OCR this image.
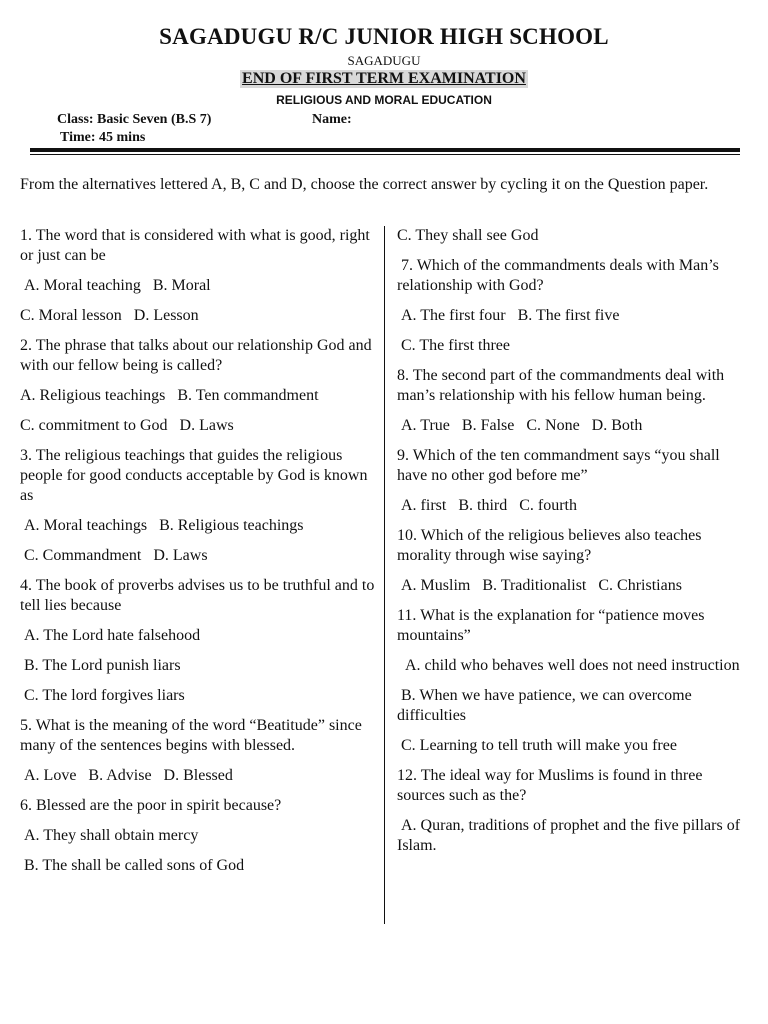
SAGADUGU R/C JUNIOR HIGH SCHOOL
SAGADUGU
END OF FIRST TERM EXAMINATION
RELIGIOUS AND MORAL EDUCATION
Class: Basic Seven (B.S 7)	Name:
Time: 45 mins
From the alternatives lettered A, B, C and D, choose the correct answer by cycling it on the Question paper.

1. The word that is considered with what is good, right or just can be

A. Moral teaching   B. Moral

C. Moral lesson   D. Lesson

2. The phrase that talks about our relationship God and with our fellow being is called?

A. Religious teachings   B. Ten commandment

C. commitment to God   D. Laws

3. The religious teachings that guides the religious people for good conducts acceptable by God is known as

A. Moral teachings   B. Religious teachings

C. Commandment   D. Laws

4. The book of proverbs advises us to be truthful and to tell lies because

A. The Lord hate falsehood

B. The Lord punish liars

C. The lord forgives liars

5. What is the meaning of the word “Beatitude” since many of the sentences begins with blessed.

A. Love   B. Advise   D. Blessed

6. Blessed are the poor in spirit because?

A. They shall obtain mercy

B. The shall be called sons of God

C. They shall see God

7. Which of the commandments deals with Man’s relationship with God?

A. The first four   B. The first five

C. The first three

8. The second part of the commandments deal with man’s relationship with his fellow human being.

A. True   B. False   C. None   D. Both

9. Which of the ten commandment says “you shall have no other god before me”

A. first   B. third   C. fourth

10. Which of the religious believes also teaches morality through wise saying?

A. Muslim   B. Traditionalist   C. Christians

11. What is the explanation for “patience moves mountains”

A. child who behaves well does not need instruction

B. When we have patience, we can overcome difficulties

C. Learning to tell truth will make you free

12. The ideal way for Muslims is found in three sources such as the?

A. Quran, traditions of prophet and the five pillars of Islam.
